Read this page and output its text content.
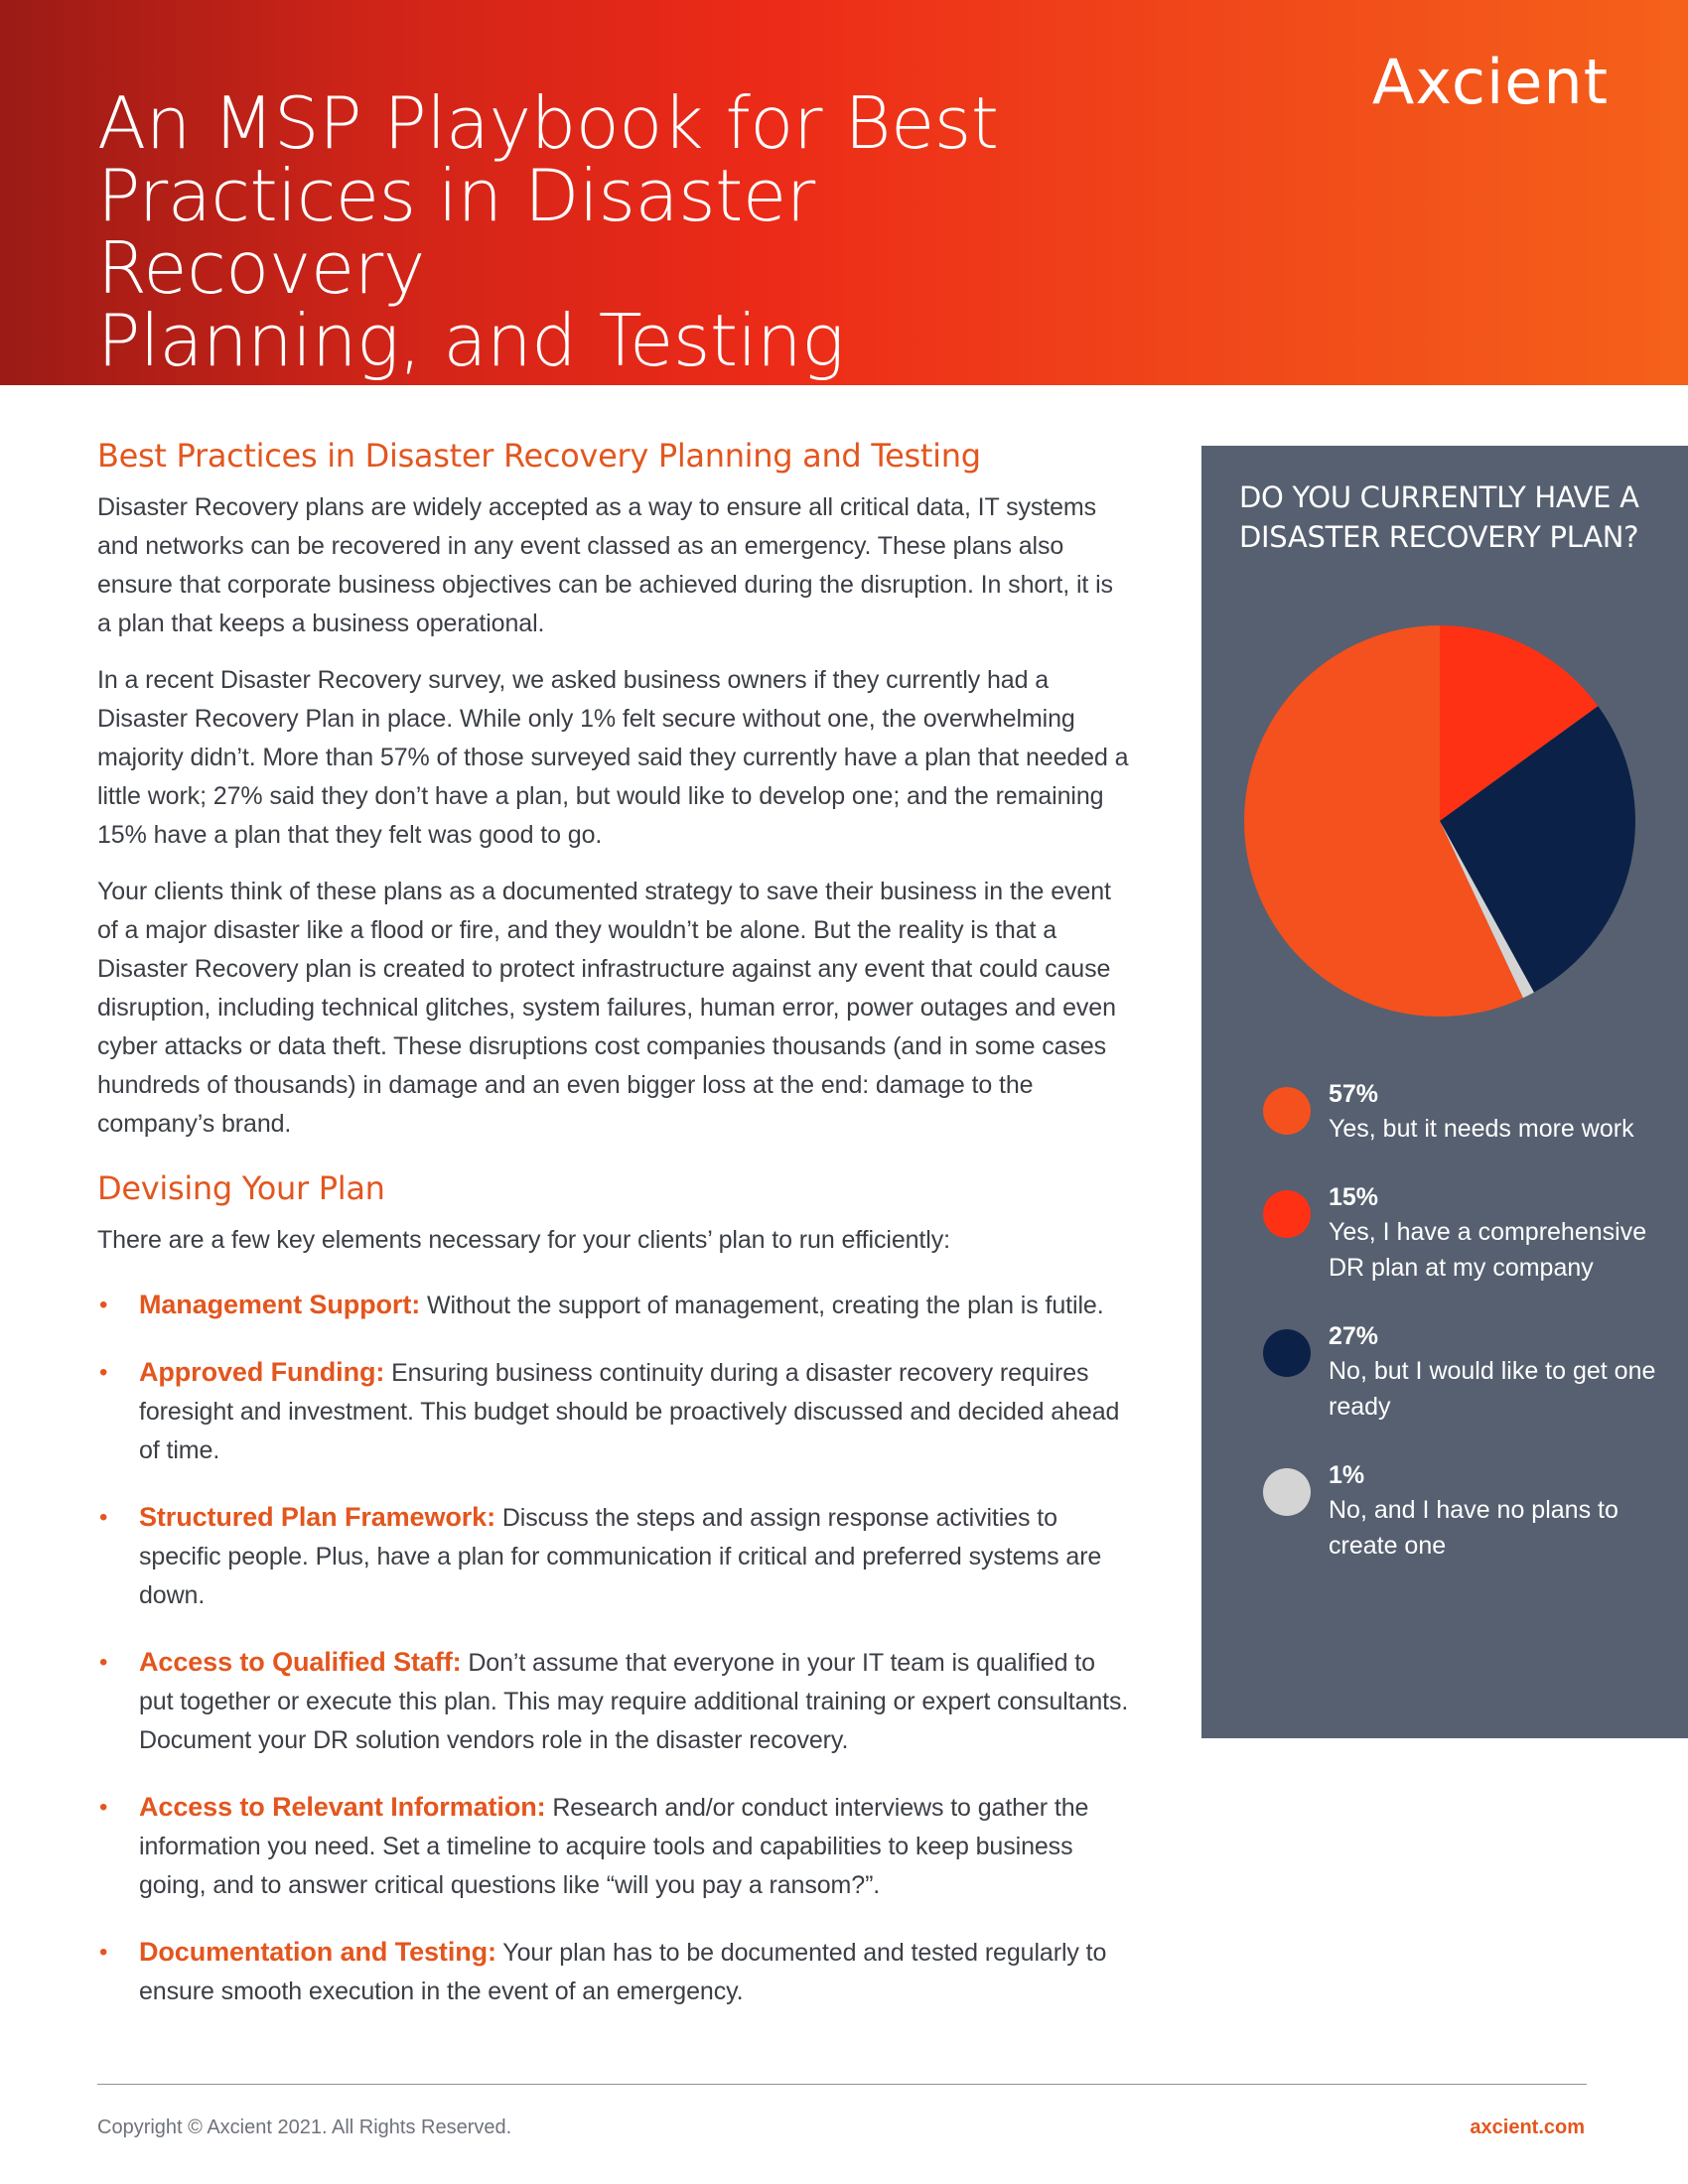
An MSP Playbook for Best
Practices in Disaster Recovery
Planning, and Testing
Axcient
Best Practices in Disaster Recovery Planning and Testing

Disaster Recovery plans are widely accepted as a way to ensure all critical data, IT systems and networks can be recovered in any event classed as an emergency. These plans also ensure that corporate business objectives can be achieved during the disruption. In short, it is a plan that keeps a business operational.

In a recent Disaster Recovery survey, we asked business owners if they currently had a Disaster Recovery Plan in place. While only 1% felt secure without one, the overwhelming majority didn’t. More than 57% of those surveyed said they currently have a plan that needed a little work; 27% said they don’t have a plan, but would like to develop one; and the remaining 15% have a plan that they felt was good to go.

Your clients think of these plans as a documented strategy to save their business in the event of a major disaster like a flood or fire, and they wouldn’t be alone. But the reality is that a Disaster Recovery plan is created to protect infrastructure against any event that could cause disruption, including technical glitches, system failures, human error, power outages and even cyber attacks or data theft. These disruptions cost companies thousands (and in some cases hundreds of thousands) in damage and an even bigger loss at the end: damage to the company’s brand.

Devising Your Plan

There are a few key elements necessary for your clients’ plan to run efficiently:

• Management Support: Without the support of management, creating the plan is futile.
• Approved Funding: Ensuring business continuity during a disaster recovery requires foresight and investment. This budget should be proactively discussed and decided ahead of time.
• Structured Plan Framework: Discuss the steps and assign response activities to specific people. Plus, have a plan for communication if critical and preferred systems are down.
• Access to Qualified Staff: Don’t assume that everyone in your IT team is qualified to put together or execute this plan. This may require additional training or expert consultants. Document your DR solution vendors role in the disaster recovery.
• Access to Relevant Information: Research and/or conduct interviews to gather the information you need. Set a timeline to acquire tools and capabilities to keep business going, and to answer critical questions like “will you pay a ransom?”.
• Documentation and Testing: Your plan has to be documented and tested regularly to ensure smooth execution in the event of an emergency.
DO YOU CURRENTLY HAVE A DISASTER RECOVERY PLAN?
57%
Yes, but it needs more work
15%
Yes, I have a comprehensive DR plan at my company
27%
No, but I would like to get one ready
1%
No, and I have no plans to create one
Copyright © Axcient 2021. All Rights Reserved.	axcient.com
